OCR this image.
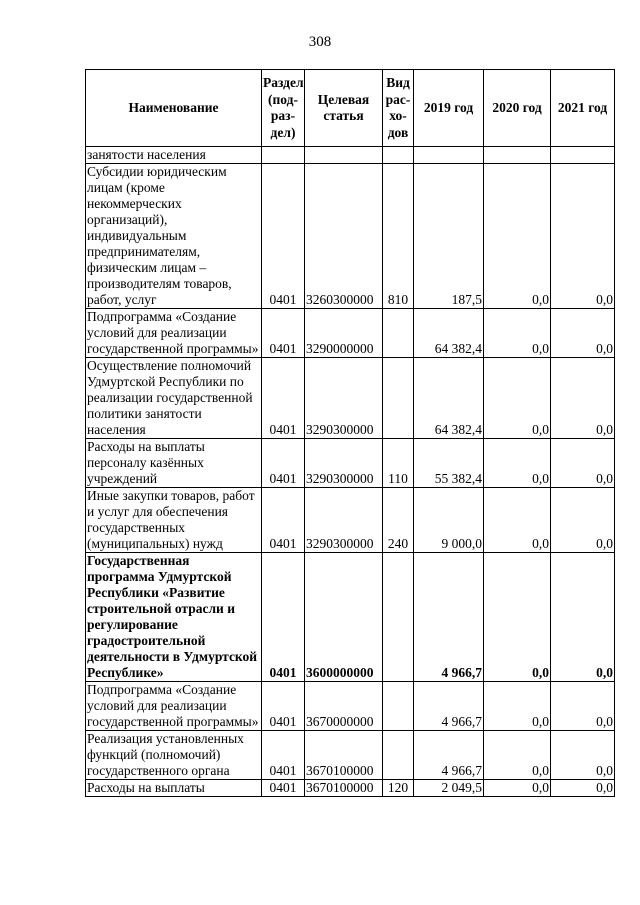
308
Наименование	Раздел (под-раз-дел)	Целевая статья	Вид рас-хо-дов	2019 год	2020 год	2021 год
занятости населения						
Субсидии юридическим лицам (кроме некоммерческих организаций), индивидуальным предпринимателям, физическим лицам – производителям товаров, работ, услуг	0401	3260300000	810	187,5	0,0	0,0
Подпрограмма «Создание условий для реализации государственной программы»	0401	3290000000		64 382,4	0,0	0,0
Осуществление полномочий Удмуртской Республики по реализации государственной политики занятости населения	0401	3290300000		64 382,4	0,0	0,0
Расходы на выплаты персоналу казённых учреждений	0401	3290300000	110	55 382,4	0,0	0,0
Иные закупки товаров, работ и услуг для обеспечения государственных (муниципальных) нужд	0401	3290300000	240	9 000,0	0,0	0,0
Государственная программа Удмуртской Республики «Развитие строительной отрасли и регулирование градостроительной деятельности в Удмуртской Республике»	0401	3600000000		4 966,7	0,0	0,0
Подпрограмма «Создание условий для реализации государственной программы»	0401	3670000000		4 966,7	0,0	0,0
Реализация установленных функций (полномочий) государственного органа	0401	3670100000		4 966,7	0,0	0,0
Расходы на выплаты	0401	3670100000	120	2 049,5	0,0	0,0
